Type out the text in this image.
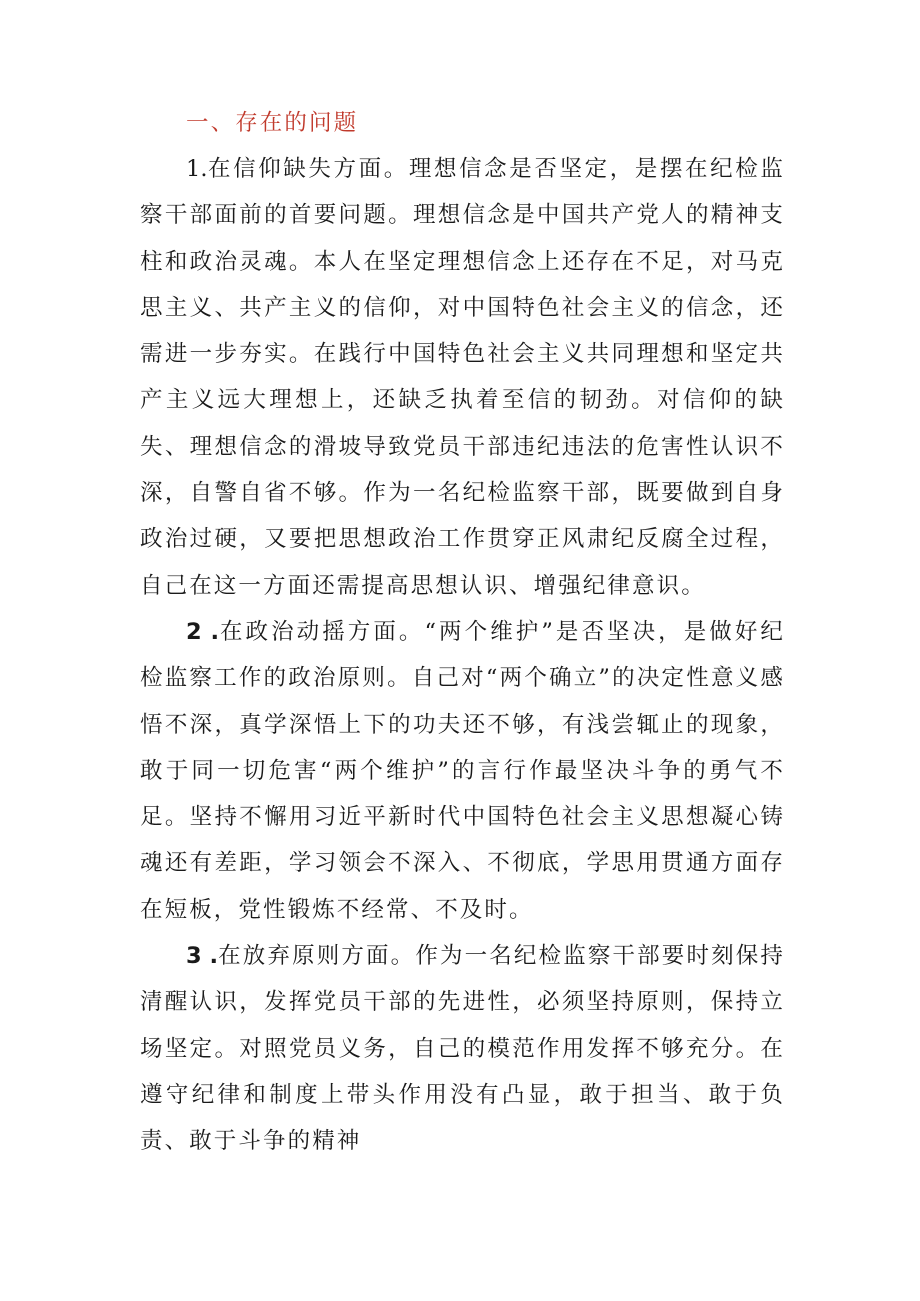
一、存在的问题

1.在信仰缺失方面。理想信念是否坚定，是摆在纪检监察干部面前的首要问题。理想信念是中国共产党人的精神支柱和政治灵魂。本人在坚定理想信念上还存在不足，对马克思主义、共产主义的信仰，对中国特色社会主义的信念，还需进一步夯实。在践行中国特色社会主义共同理想和坚定共产主义远大理想上，还缺乏执着至信的韧劲。对信仰的缺失、理想信念的滑坡导致党员干部违纪违法的危害性认识不深，自警自省不够。作为一名纪检监察干部，既要做到自身政治过硬，又要把思想政治工作贯穿正风肃纪反腐全过程，自己在这一方面还需提高思想认识、增强纪律意识。

2 .在政治动摇方面。“两个维护”是否坚决，是做好纪检监察工作的政治原则。自己对“两个确立”的决定性意义感悟不深，真学深悟上下的功夫还不够，有浅尝辄止的现象，敢于同一切危害“两个维护”的言行作最坚决斗争的勇气不足。坚持不懈用习近平新时代中国特色社会主义思想凝心铸魂还有差距，学习领会不深入、不彻底，学思用贯通方面存在短板，党性锻炼不经常、不及时。

3 .在放弃原则方面。作为一名纪检监察干部要时刻保持清醒认识，发挥党员干部的先进性，必须坚持原则，保持立场坚定。对照党员义务，自己的模范作用发挥不够充分。在遵守纪律和制度上带头作用没有凸显，敢于担当、敢于负责、敢于斗争的精神
